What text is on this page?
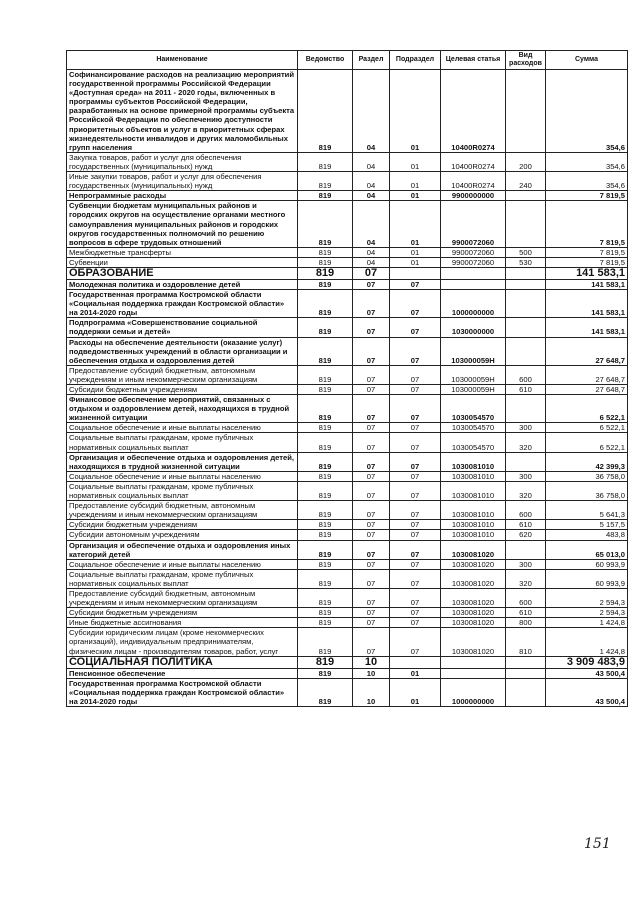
Наименование	Ведомство	Раздел	Подраздел	Целевая статья	Вид расходов	Сумма
Софинансирование расходов на реализацию мероприятий государственной программы Российской Федерации «Доступная среда» на 2011 - 2020 годы, включенных в программы субъектов Российской Федерации, разработанных на основе примерной программы субъекта Российской Федерации по обеспечению доступности приоритетных объектов и услуг в приоритетных сферах жизнедеятельности инвалидов и других маломобильных групп населения	819	04	01	10400R0274		354,6
Закупка товаров, работ и услуг для обеспечения государственных (муниципальных) нужд	819	04	01	10400R0274	200	354,6
Иные закупки товаров, работ и услуг для обеспечения государственных (муниципальных) нужд	819	04	01	10400R0274	240	354,6
Непрограммные расходы	819	04	01	9900000000		7 819,5
Субвенции бюджетам муниципальных районов и городских округов на осуществление органами местного самоуправления муниципальных районов и городских округов государственных полномочий по решению вопросов в сфере трудовых отношений	819	04	01	9900072060		7 819,5
Межбюджетные трансферты	819	04	01	9900072060	500	7 819,5
Субвенции	819	04	01	9900072060	530	7 819,5
ОБРАЗОВАНИЕ	819	07				141 583,1
Молодежная политика и оздоровление детей	819	07	07			141 583,1
Государственная программа Костромской области «Социальная поддержка граждан Костромской области» на 2014-2020 годы	819	07	07	1000000000		141 583,1
Подпрограмма «Совершенствование социальной поддержки семьи и детей»	819	07	07	1030000000		141 583,1
Расходы на обеспечение деятельности (оказание услуг) подведомственных учреждений в области организации и обеспечения отдыха и оздоровления детей	819	07	07	103000059Н		27 648,7
Предоставление субсидий бюджетным, автономным учреждениям и иным некоммерческим организациям	819	07	07	103000059Н	600	27 648,7
Субсидии бюджетным учреждениям	819	07	07	103000059Н	610	27 648,7
Финансовое обеспечение мероприятий, связанных с отдыхом и оздоровлением детей, находящихся в трудной жизненной ситуации	819	07	07	1030054570		6 522,1
Социальное обеспечение и иные выплаты населению	819	07	07	1030054570	300	6 522,1
Социальные выплаты гражданам, кроме публичных нормативных социальных выплат	819	07	07	1030054570	320	6 522,1
Организация и обеспечение отдыха и оздоровления детей, находящихся в трудной жизненной ситуации	819	07	07	1030081010		42 399,3
Социальное обеспечение и иные выплаты населению	819	07	07	1030081010	300	36 758,0
Социальные выплаты гражданам, кроме публичных нормативных социальных выплат	819	07	07	1030081010	320	36 758,0
Предоставление субсидий бюджетным, автономным учреждениям и иным некоммерческим организациям	819	07	07	1030081010	600	5 641,3
Субсидии бюджетным учреждениям	819	07	07	1030081010	610	5 157,5
Субсидии автономным учреждениям	819	07	07	1030081010	620	483,8
Организация и обеспечение отдыха и оздоровления иных категорий детей	819	07	07	1030081020		65 013,0
Социальное обеспечение и иные выплаты населению	819	07	07	1030081020	300	60 993,9
Социальные выплаты гражданам, кроме публичных нормативных социальных выплат	819	07	07	1030081020	320	60 993,9
Предоставление субсидий бюджетным, автономным учреждениям и иным некоммерческим организациям	819	07	07	1030081020	600	2 594,3
Субсидии бюджетным учреждениям	819	07	07	1030081020	610	2 594,3
Иные бюджетные ассигнования	819	07	07	1030081020	800	1 424,8
Субсидии юридическим лицам (кроме некоммерческих организаций), индивидуальным предпринимателям, физическим лицам - производителям товаров, работ, услуг	819	07	07	1030081020	810	1 424,8
СОЦИАЛЬНАЯ ПОЛИТИКА	819	10				3 909 483,9
Пенсионное обеспечение	819	10	01			43 500,4
Государственная программа Костромской области «Социальная поддержка граждан Костромской области» на 2014-2020 годы	819	10	01	1000000000		43 500,4
151
